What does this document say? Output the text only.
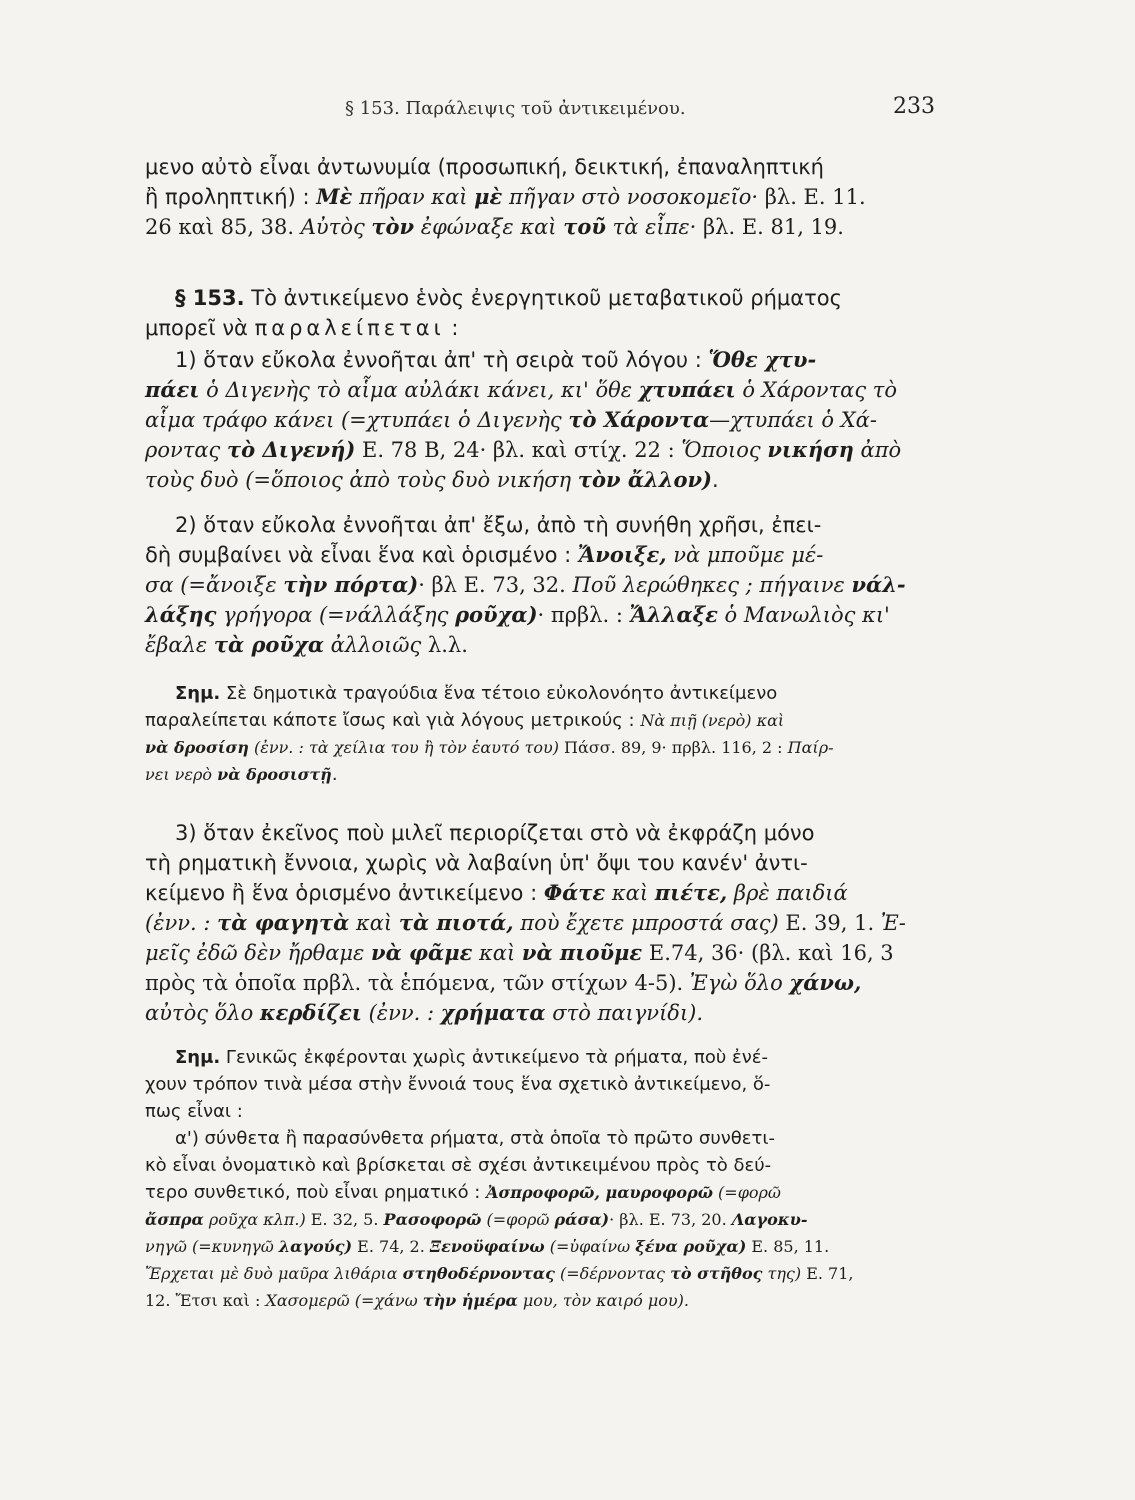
§ 153. Παράλειψις τοῦ ἀντικειμένου.	233
μενο αὐτὸ εἶναι ἀντωνυμία (προσωπική, δεικτική, ἐπαναληπτική
ἢ προληπτική) : Μὲ πῆραν καὶ μὲ πῆγαν στὸ νοσοκομεῖο· βλ. Ε. 11.
26 καὶ 85, 38. Αὐτὸς τὸν ἐφώναξε καὶ τοῦ τὰ εἶπε· βλ. Ε. 81, 19.
§ 153. Τὸ ἀντικείμενο ἑνὸς ἐνεργητικοῦ μεταβατικοῦ ρήματος
μπορεῖ νὰ παραλείπεται :
1) ὅταν εὔκολα ἐννοῆται ἀπ' τὴ σειρὰ τοῦ λόγου : Ὅθε χτυ-
πάει ὁ Διγενὴς τὸ αἷμα αὐλάκι κάνει, κι' ὅθε χτυπάει ὁ Χάροντας τὸ
αἷμα τράφο κάνει (=χτυπάει ὁ Διγενὴς τὸ Χάροντα—χτυπάει ὁ Χά-
ροντας τὸ Διγενή) Ε. 78 Β, 24· βλ. καὶ στίχ. 22 : Ὅποιος νικήση ἀπὸ
τοὺς δυὸ (=ὅποιος ἀπὸ τοὺς δυὸ νικήση τὸν ἄλλον).
2) ὅταν εὔκολα ἐννοῆται ἀπ' ἔξω, ἀπὸ τὴ συνήθη χρῆσι, ἐπει-
δὴ συμβαίνει νὰ εἶναι ἕνα καὶ ὁρισμένο : Ἄνοιξε, νὰ μποῦμε μέ-
σα (=ἄνοιξε τὴν πόρτα)· βλ Ε. 73, 32. Ποῦ λερώθηκες ; πήγαινε νάλ-
λάξης γρήγορα (=νάλλάξης ροῦχα)· πρβλ. : Ἄλλαξε ὁ Μανωλιὸς κι'
ἔβαλε τὰ ροῦχα ἀλλοιῶς λ.λ.
Σημ. Σὲ δημοτικὰ τραγούδια ἕνα τέτοιο εὐκολονόητο ἀντικείμενο
παραλείπεται κάποτε ἴσως καὶ γιὰ λόγους μετρικούς : Νὰ πιῇ (νερὸ) καὶ
νὰ δροσίση (ἐνν. : τὰ χείλια του ἢ τὸν ἑαυτό του) Πάσσ. 89, 9· πρβλ. 116, 2 : Παίρ-
νει νερὸ νὰ δροσιστῇ.
3) ὅταν ἐκεῖνος ποὺ μιλεῖ περιορίζεται στὸ νὰ ἐκφράζη μόνο
τὴ ρηματικὴ ἔννοια, χωρὶς νὰ λαβαίνη ὑπ' ὄψι του κανέν' ἀντι-
κείμενο ἢ ἕνα ὁρισμένο ἀντικείμενο : Φάτε καὶ πιέτε, βρὲ παιδιά
(ἐνν. : τὰ φαγητὰ καὶ τὰ πιοτά, ποὺ ἔχετε μπροστά σας) Ε. 39, 1. Ἐ-
μεῖς ἐδῶ δὲν ἤρθαμε νὰ φᾶμε καὶ νὰ πιοῦμε Ε.74, 36· (βλ. καὶ 16, 3
πρὸς τὰ ὁποῖα πρβλ. τὰ ἑπόμενα, τῶν στίχων 4-5). Ἐγὼ ὅλο χάνω,
αὐτὸς ὅλο κερδίζει (ἐνν. : χρήματα στὸ παιγνίδι).
Σημ. Γενικῶς ἐκφέρονται χωρὶς ἀντικείμενο τὰ ρήματα, ποὺ ἐνέ-
χουν τρόπον τινὰ μέσα στὴν ἔννοιά τους ἕνα σχετικὸ ἀντικείμενο, ὅ-
πως εἶναι :
α') σύνθετα ἢ παρασύνθετα ρήματα, στὰ ὁποῖα τὸ πρῶτο συνθετι-
κὸ εἶναι ὀνοματικὸ καὶ βρίσκεται σὲ σχέσι ἀντικειμένου πρὸς τὸ δεύ-
τερο συνθετικό, ποὺ εἶναι ρηματικό : Ἀσπροφορῶ, μαυροφορῶ (=φορῶ
ἄσπρα ροῦχα κλπ.) Ε. 32, 5. Ρασοφορῶ (=φορῶ ράσα)· βλ. Ε. 73, 20. Λαγοκυ-
νηγῶ (=κυνηγῶ λαγούς) Ε. 74, 2. Ξενοϋφαίνω (=ὑφαίνω ξένα ροῦχα) Ε. 85, 11.
Ἔρχεται μὲ δυὸ μαῦρα λιθάρια στηθοδέρνοντας (=δέρνοντας τὸ στῆθος της) Ε. 71,
12. Ἔτσι καὶ : Χασομερῶ (=χάνω τὴν ἡμέρα μου, τὸν καιρό μου).
